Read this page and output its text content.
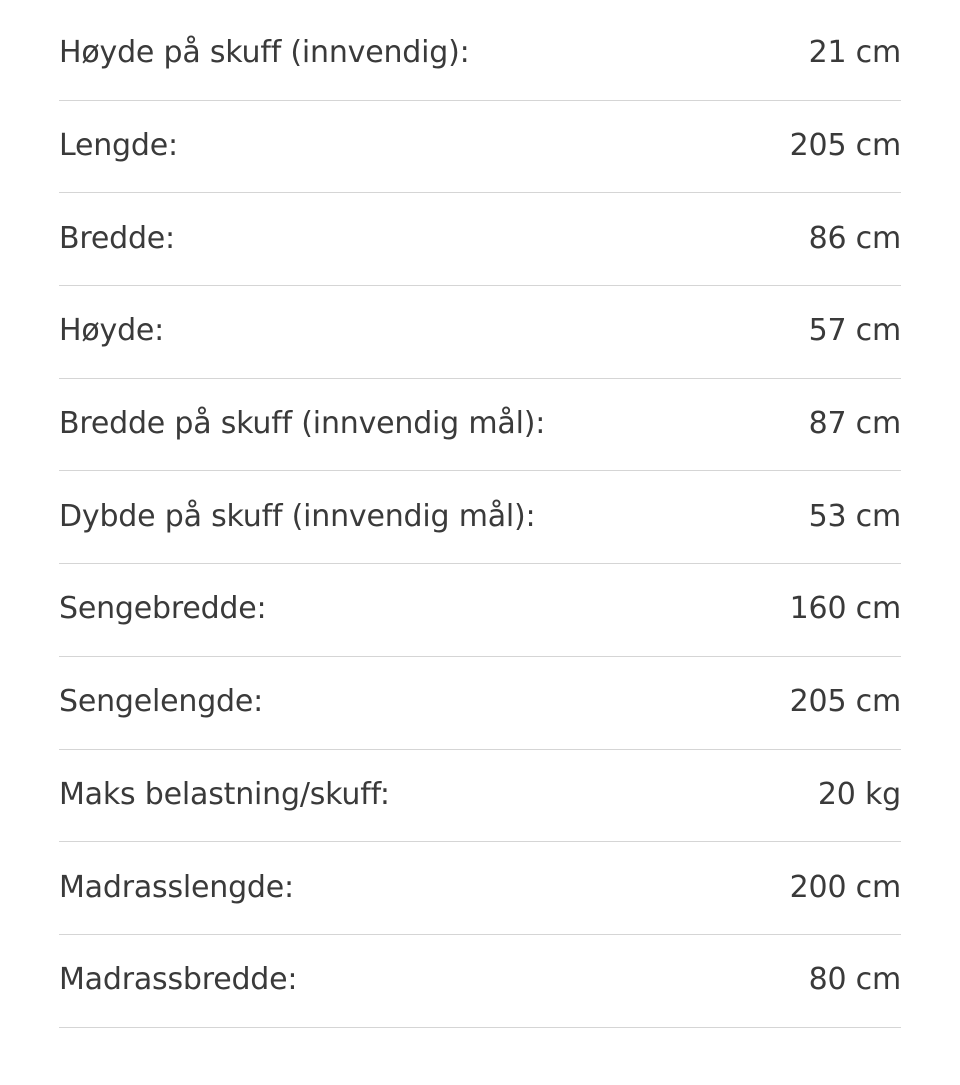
Høyde på skuff (innvendig):	21 cm
Lengde:	205 cm
Bredde:	86 cm
Høyde:	57 cm
Bredde på skuff (innvendig mål):	87 cm
Dybde på skuff (innvendig mål):	53 cm
Sengebredde:	160 cm
Sengelengde:	205 cm
Maks belastning/skuff:	20 kg
Madrasslengde:	200 cm
Madrassbredde:	80 cm
